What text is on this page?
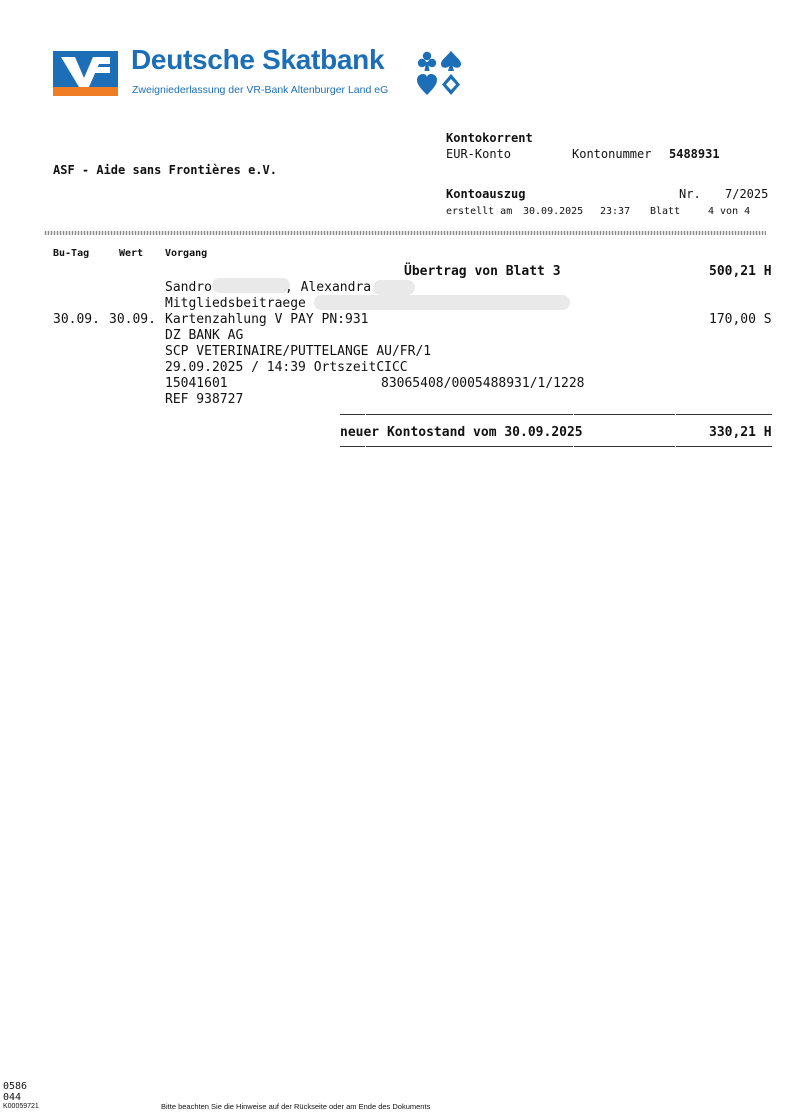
Deutsche Skatbank
Zweigniederlassung der VR-Bank Altenburger Land eG
Kontokorrent
EUR-Konto	Kontonummer 5488931
ASF - Aide sans Frontières e.V.
Kontoauszug	Nr. 7/2025
erstellt am 30.09.2025 23:37 Blatt	4 von 4
Bu-Tag	Wert Vorgang
Übertrag von Blatt 3	500,21 H
Sandro	, Alexandra
Mitgliedsbeitraege
30.09. 30.09. Kartenzahlung V PAY PN:931	170,00 S
DZ BANK AG
SCP VETERINAIRE/PUTTELANGE AU/FR/1
29.09.2025 / 14:39 OrtszeitCICC
15041601	83065408/0005488931/1/1228
REF 938727
neuer Kontostand vom 30.09.2025	330,21 H
0586
044
K00059721	Bitte beachten Sie die Hinweise auf der Rückseite oder am Ende des Dokuments
